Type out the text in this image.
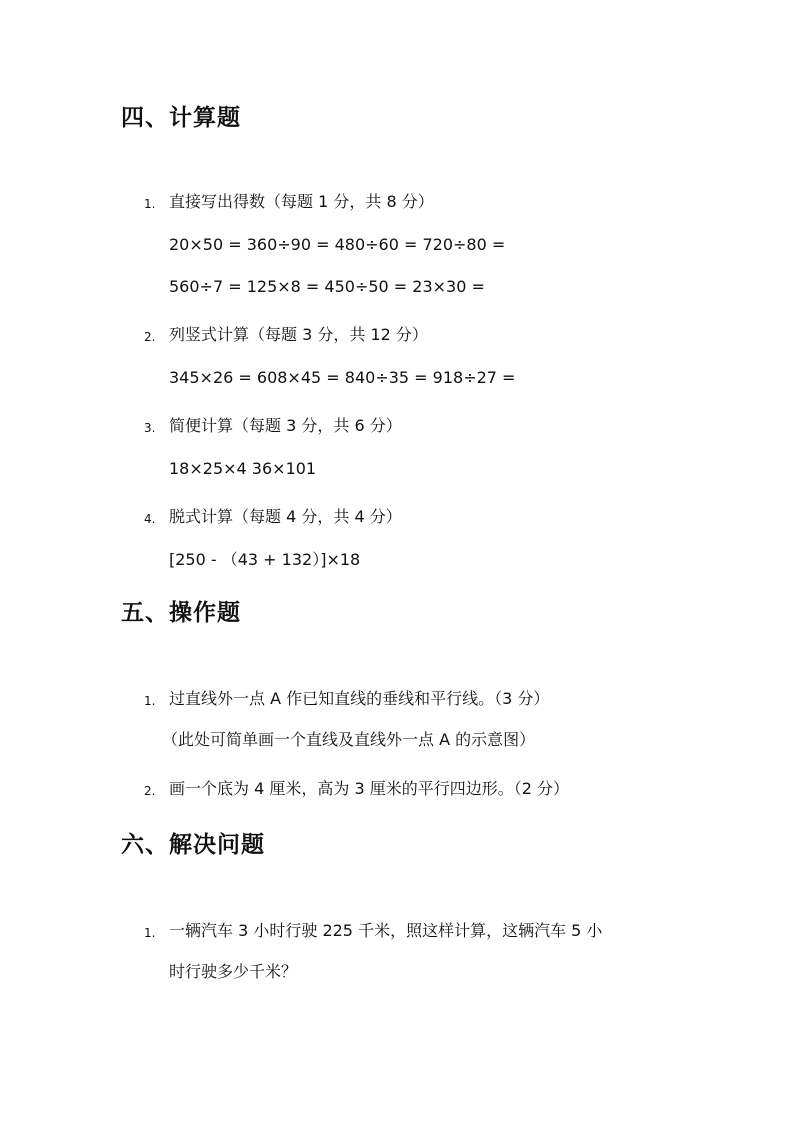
四、计算题
1. 直接写出得数（每题 1 分，共 8 分）
20×50 = 360÷90 = 480÷60 = 720÷80 =
560÷7 = 125×8 = 450÷50 = 23×30 =
2. 列竖式计算（每题 3 分，共 12 分）
345×26 = 608×45 = 840÷35 = 918÷27 =
3. 简便计算（每题 3 分，共 6 分）
18×25×4 36×101
4. 脱式计算（每题 4 分，共 4 分）
[250 - （43 + 132）]×18
五、操作题
1. 过直线外一点 A 作已知直线的垂线和平行线。（3 分）
（此处可简单画一个直线及直线外一点 A 的示意图）
2. 画一个底为 4 厘米，高为 3 厘米的平行四边形。（2 分）
六、解决问题
1. 一辆汽车 3 小时行驶 225 千米，照这样计算，这辆汽车 5 小
时行驶多少千米？
